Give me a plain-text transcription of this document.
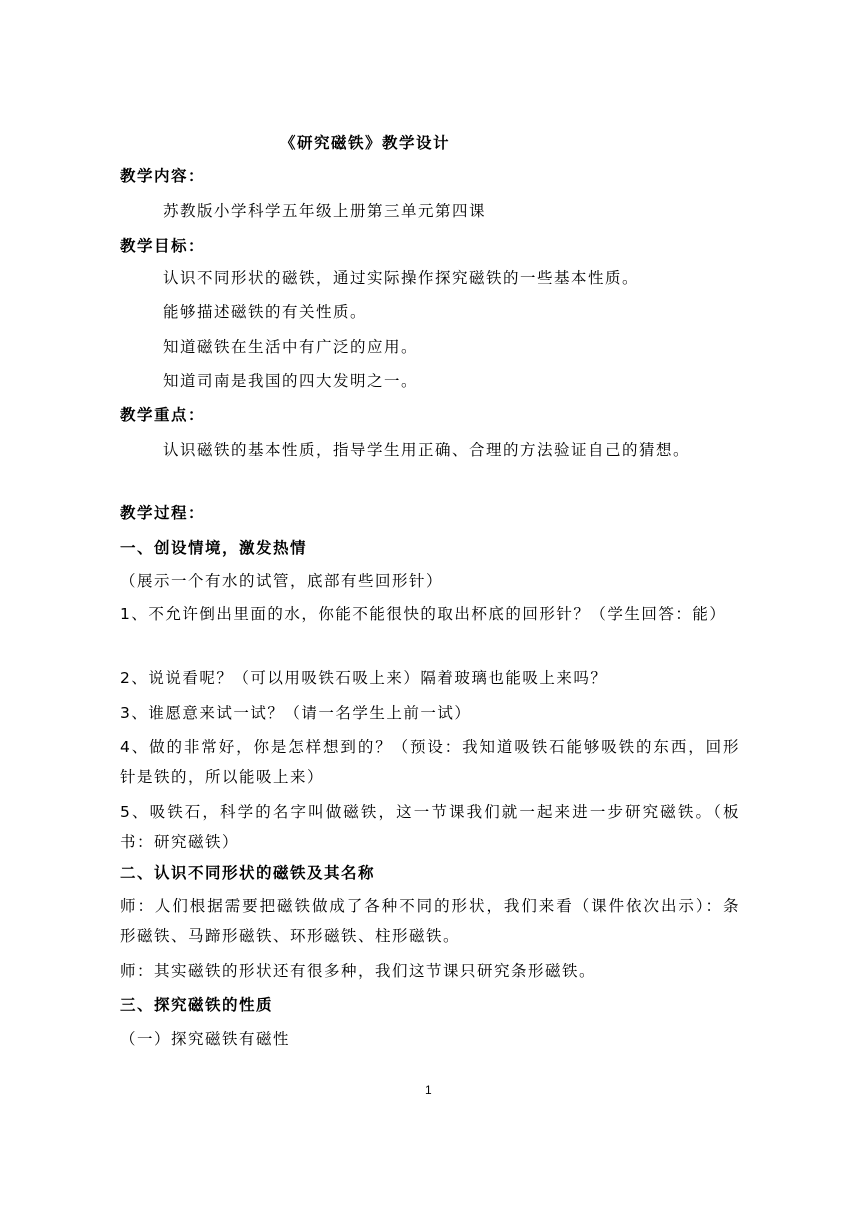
《研究磁铁》教学设计
教学内容：
苏教版小学科学五年级上册第三单元第四课
教学目标：
认识不同形状的磁铁，通过实际操作探究磁铁的一些基本性质。
能够描述磁铁的有关性质。
知道磁铁在生活中有广泛的应用。
知道司南是我国的四大发明之一。
教学重点：
认识磁铁的基本性质，指导学生用正确、合理的方法验证自己的猜想。
教学过程：
一、创设情境，激发热情
（展示一个有水的试管，底部有些回形针）
1、不允许倒出里面的水，你能不能很快的取出杯底的回形针？（学生回答：能）
2、说说看呢？（可以用吸铁石吸上来）隔着玻璃也能吸上来吗？
3、谁愿意来试一试？（请一名学生上前一试）
4、做的非常好，你是怎样想到的？（预设：我知道吸铁石能够吸铁的东西，回形针是铁的，所以能吸上来）
5、吸铁石，科学的名字叫做磁铁，这一节课我们就一起来进一步研究磁铁。（板书：研究磁铁）
二、认识不同形状的磁铁及其名称
师：人们根据需要把磁铁做成了各种不同的形状，我们来看（课件依次出示）：条形磁铁、马蹄形磁铁、环形磁铁、柱形磁铁。
师：其实磁铁的形状还有很多种，我们这节课只研究条形磁铁。
三、探究磁铁的性质
（一）探究磁铁有磁性
1
